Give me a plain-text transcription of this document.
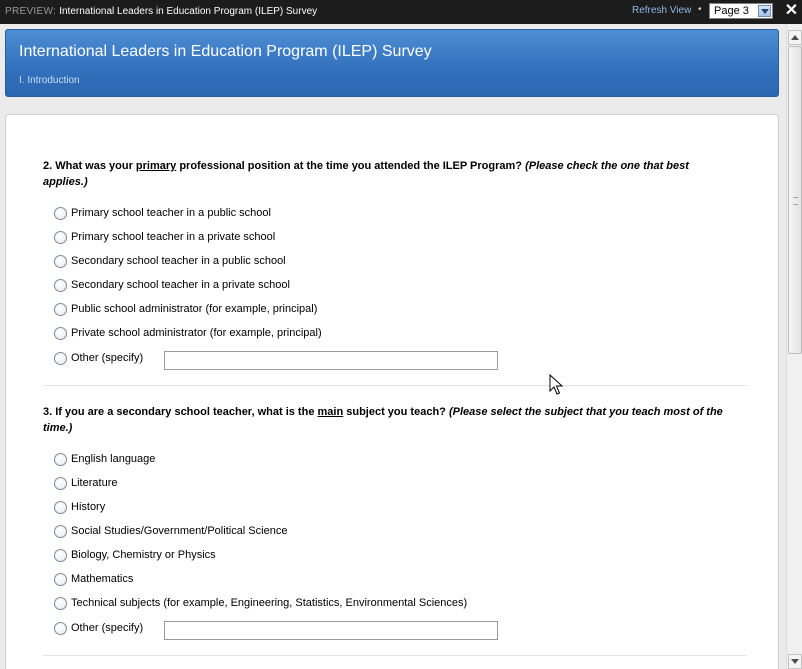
PREVIEW: International Leaders in Education Program (ILEP) Survey	Refresh View • Page 3	✕
International Leaders in Education Program (ILEP) Survey
I. Introduction
2. What was your primary professional position at the time you attended the ILEP Program? (Please check the one that best applies.)
Primary school teacher in a public school
Primary school teacher in a private school
Secondary school teacher in a public school
Secondary school teacher in a private school
Public school administrator (for example, principal)
Private school administrator (for example, principal)
Other (specify)
3. If you are a secondary school teacher, what is the main subject you teach? (Please select the subject that you teach most of the time.)
English language
Literature
History
Social Studies/Government/Political Science
Biology, Chemistry or Physics
Mathematics
Technical subjects (for example, Engineering, Statistics, Environmental Sciences)
Other (specify)
